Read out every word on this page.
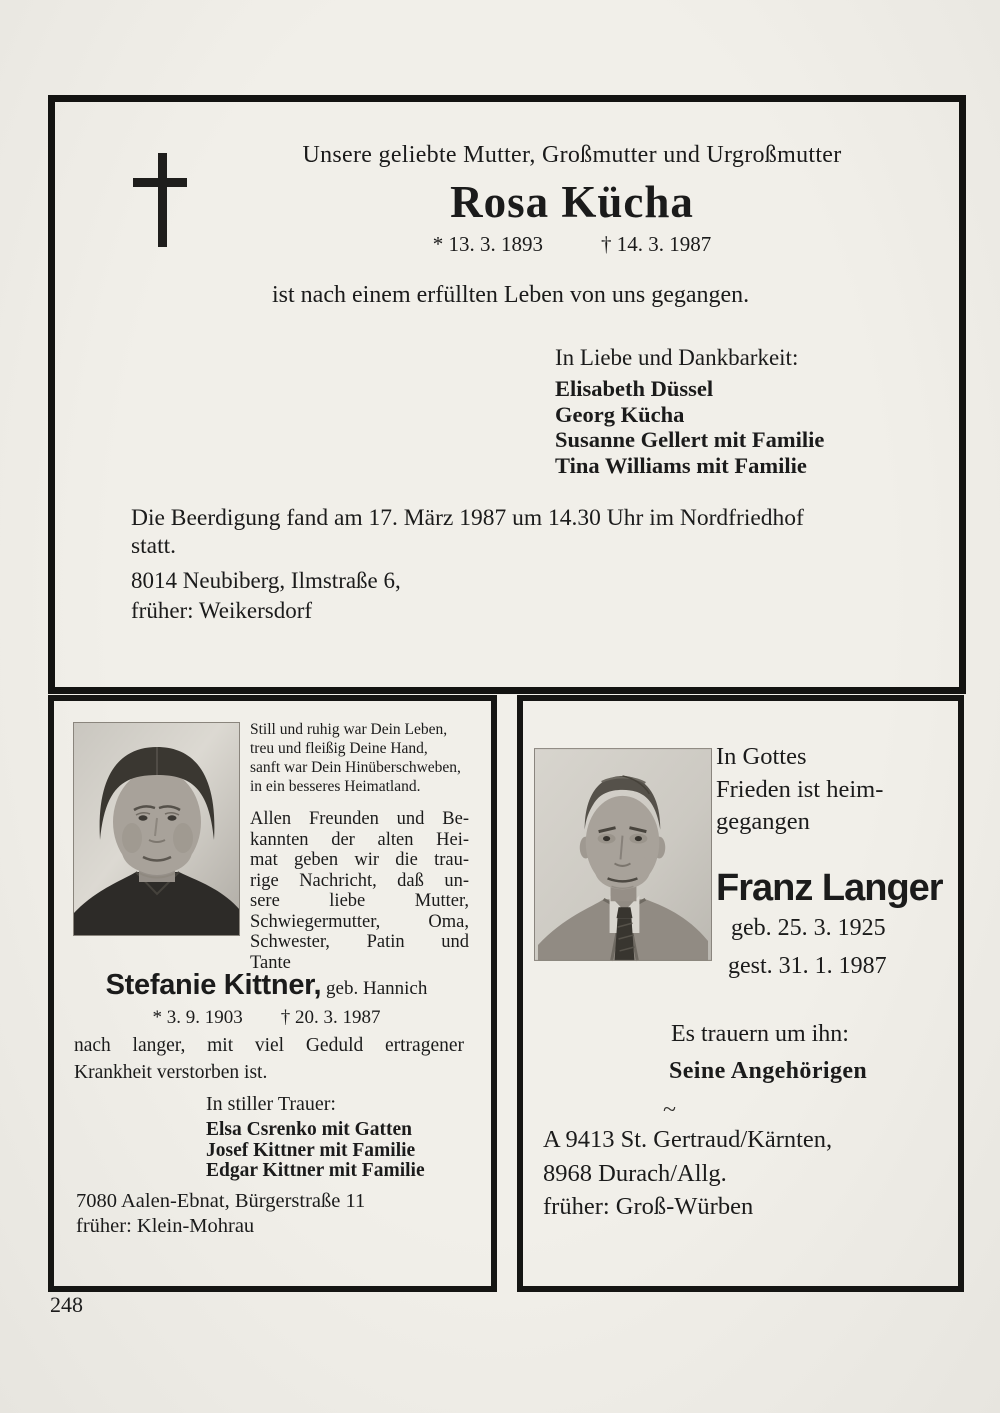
Unsere geliebte Mutter, Großmutter und Urgroßmutter
Rosa Kücha
* 13. 3. 1893	† 14. 3. 1987
ist nach einem erfüllten Leben von uns gegangen.
In Liebe und Dankbarkeit:
Elisabeth Düssel
Georg Kücha
Susanne Gellert mit Familie
Tina Williams mit Familie
Die Beerdigung fand am 17. März 1987 um 14.30 Uhr im Nordfriedhof
statt.
8014 Neubiberg, Ilmstraße 6,
früher: Weikersdorf
Still und ruhig war Dein Leben,
treu und fleißig Deine Hand,
sanft war Dein Hinüberschweben,
in ein besseres Heimatland.
Allen Freunden und Be-
kannten der alten Hei-
mat geben wir die trau-
rige Nachricht, daß un-
sere liebe Mutter,
Schwiegermutter, Oma,
Schwester, Patin und
Tante
Stefanie Kittner, geb. Hannich
* 3. 9. 1903 † 20. 3. 1987
nach langer, mit viel Geduld ertragener
Krankheit verstorben ist.
In stiller Trauer:
Elsa Csrenko mit Gatten
Josef Kittner mit Familie
Edgar Kittner mit Familie
7080 Aalen-Ebnat, Bürgerstraße 11
früher: Klein-Mohrau
In Gottes
Frieden ist heim-
gegangen
Franz Langer
geb. 25. 3. 1925
gest. 31. 1. 1987
Es trauern um ihn:
Seine Angehörigen
~
A 9413 St. Gertraud/Kärnten,
8968 Durach/Allg.
früher: Groß-Würben
248
